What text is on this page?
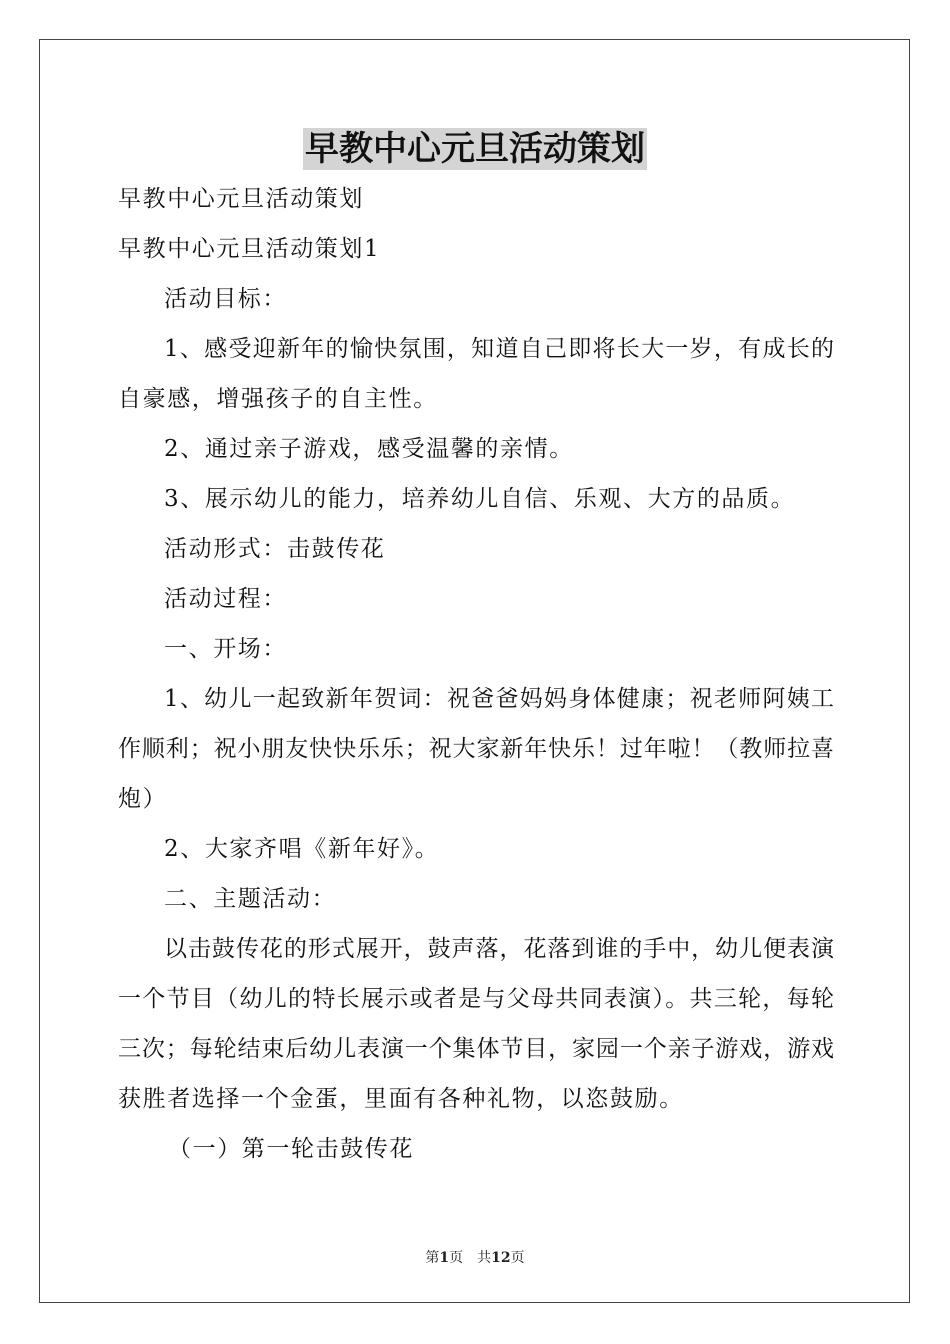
早教中心元旦活动策划
早教中心元旦活动策划
早教中心元旦活动策划1
活动目标：
1、感受迎新年的愉快氛围，知道自己即将长大一岁，有成长的
自豪感，增强孩子的自主性。
2、通过亲子游戏，感受温馨的亲情。
3、展示幼儿的能力，培养幼儿自信、乐观、大方的品质。
活动形式：击鼓传花
活动过程：
一、开场：
1、幼儿一起致新年贺词：祝爸爸妈妈身体健康；祝老师阿姨工
作顺利；祝小朋友快快乐乐；祝大家新年快乐！过年啦！（教师拉喜
炮）
2、大家齐唱《新年好》。
二、主题活动：
以击鼓传花的形式展开，鼓声落，花落到谁的手中，幼儿便表演
一个节目（幼儿的特长展示或者是与父母共同表演）。共三轮，每轮
三次；每轮结束后幼儿表演一个集体节目，家园一个亲子游戏，游戏
获胜者选择一个金蛋，里面有各种礼物，以恣鼓励。
（一）第一轮击鼓传花
第1页 共12页
